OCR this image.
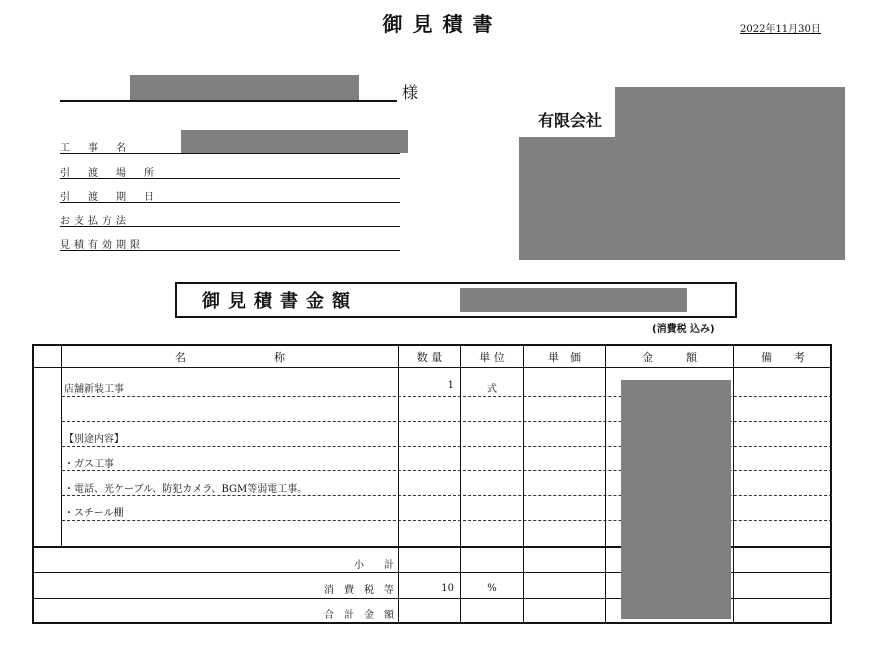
御見積書	2022年11月30日
様
工　事　名
引　渡　場　所
引　渡　期　日
お支払方法
見積有効期限
有限会社
御見積書金額
(消費税 込み)
名　　　　　　　　称	数 量	単 位	単　価	金　　　額	備　　考
店舗新装工事	1	式
【別途内容】
・ガス工事
・電話、光ケーブル、防犯カメラ、BGM等弱電工事。
・スチール棚
小　　計
消　費　税　等	10	%
合　計　金　額
